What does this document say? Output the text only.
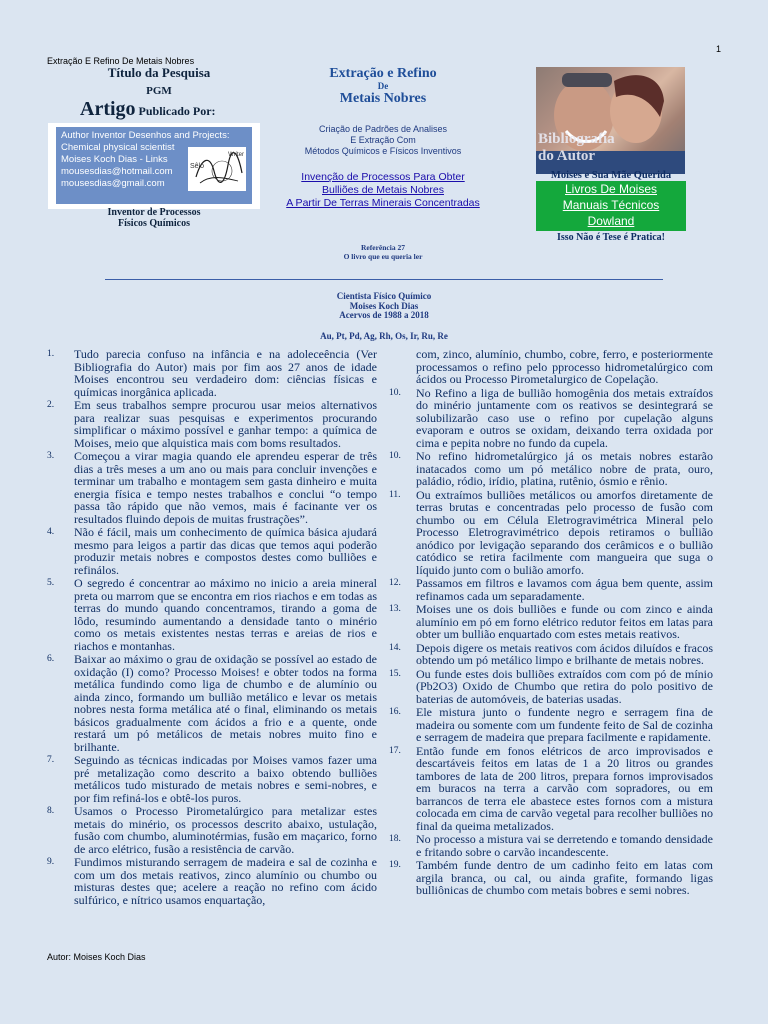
Extração E Refino De Metais Nobres
1
Título da Pesquisa
PGM
Artigo Publicado Por:
Author Inventor Desenhos and Projects:
Chemical physical scientist
Moises Koch Dias - Links
mousesdias@hotmail.com
mousesdias@gmail.com
Sêlo
Writer
Inventor de Processos
Físicos Químicos
Extração e Refino
De
Metais Nobres
Criação de Padrões de Analises
E Extração Com
Métodos Químicos e Físicos Inventivos
Invenção de Processos Para Obter
Bulliões de Metais Nobres
A Partir De Terras Minerais Concentradas
Referência 27
O livro que eu queria ler
Bibliografia
do Autor
Moises e Sua Mãe Querida
Livros De Moises
Manuais Técnicos
Dowland
Isso Não é Tese é Pratica!
Cientista Físico Químico
Moises Koch Dias
Acervos de 1988 a 2018
Au, Pt, Pd, Ag, Rh, Os, Ir, Ru, Re
1.	Tudo parecia confuso na infância e na adoleceência (Ver Bibliografia do Autor) mais por fim aos 27 anos de idade Moises encontrou seu verdadeiro dom: ciências físicas e químicas inorgânica aplicada.
2.	Em seus trabalhos sempre procurou usar meios alternativos para realizar suas pesquisas e experimentos procurando simplificar o máximo possível e ganhar tempo: a química de Moises, meio que alquistica mais com boms resultados.
3.	Começou a virar magia quando ele aprendeu esperar de três dias a três meses a um ano ou mais para concluir invenções e terminar um trabalho e montagem sem gasta dinheiro e muita energia física e tempo nestes trabalhos e conclui “o tempo passa tão rápido que não vemos, mais é facinante ver os resultados fluindo depois de muitas frustrações”.
4.	Não é fácil, mais um conhecimento de química básica ajudará mesmo para leigos a partir das dicas que temos aqui poderão produzir metais nobres e compostos destes como bulliões e refinálos.
5.	O segredo é concentrar ao máximo no inicio a areia mineral preta ou marrom que se encontra em rios riachos e em todas as terras do mundo quando concentramos, tirando a goma de lôdo, resumindo aumentando a densidade tanto o minério como os metais existentes nestas terras e areias de rios e riachos e montanhas.
6.	Baixar ao máximo o grau de oxidação se possível ao estado de oxidação (I) como? Processo Moises! e obter todos na forma metálica fundindo como liga de chumbo e de alumínio ou ainda zinco, formando um bullião metálico e levar os metais nobres nesta forma metálica até o final, eliminando os metais básicos gradualmente com ácidos a frio e a quente, onde restará um pó metálicos de metais nobres muito fino e brilhante.
7.	Seguindo as técnicas indicadas por Moises vamos fazer uma pré metalização como descrito a baixo obtendo bulliões metálicos tudo misturado de metais nobres e semi-nobres, e por fim refiná-los e obtê-los puros.
8.	Usamos o Processo Pirometalúrgico para metalizar estes metais do minério, os processos descrito abaixo, ustulação, fusão com chumbo, aluminotérmias, fusão em maçarico, forno de arco elétrico, fusão a resistência de carvão.
9.	Fundimos misturando serragem de madeira e sal de cozinha e com um dos metais reativos, zinco alumínio ou chumbo ou misturas destes que; acelere a reação no refino com ácido sulfúrico, e nítrico usamos enquartação,
com, zinco, alumínio, chumbo, cobre, ferro, e posteriormente processamos o refino pelo pprocesso hidrometalúrgico com ácidos ou Processo Pirometalurgico de Copelação.
10.	No Refino a liga de bullião homogênia dos metais extraídos do minério juntamente com os reativos se desintegrará se solubilizarão caso use o refino por cupelação alguns evaporam e outros se oxidam, deixando terra oxidada por cima e pepita nobre no fundo da cupela.
10.	No refino hidrometalúrgico já os metais nobres estarão inatacados como um pó metálico nobre de prata, ouro, paládio, ródio, irídio, platina, rutênio, ósmio e rênio.
11.	Ou extraímos bulliões metálicos ou amorfos diretamente de terras brutas e concentradas pelo processo de fusão com chumbo ou em Célula Eletrogravimétrica Mineral pelo Processo Eletrogravimétrico depois retiramos o bullião anódico por levigação separando dos cerâmicos e o bullião catódico se retira facilmente com mangueira que suga o líquido junto com o bulião amorfo.
12.	Passamos em filtros e lavamos com água bem quente, assim refinamos cada um separadamente.
13.	Moises une os dois bulliões e funde ou com zinco e ainda alumínio em pó em forno elétrico redutor feitos em latas para obter um bullião enquartado com estes metais reativos.
14.	Depois digere os metais reativos com ácidos diluídos e fracos obtendo um pó metálico limpo e brilhante de metais nobres.
15.	Ou funde estes dois bulliões extraídos com com pó de mínio (Pb2O3) Oxido de Chumbo que retira do polo positivo de baterias de automóveis, de baterias usadas.
16.	Ele mistura junto o fundente negro e serragem fina de madeira ou somente com um fundente feito de Sal de cozinha e serragem de madeira que prepara facilmente e rapidamente.
17.	Então funde em fonos elétricos de arco improvisados e descartáveis feitos em latas de 1 a 20 litros ou grandes tambores de lata de 200 litros, prepara fornos improvisados em buracos na terra a carvão com sopradores, ou em barrancos de terra ele abastece estes fornos com a mistura colocada em cima de carvão vegetal para recolher bulliões no final da queima metalizados.
18.	No processo a mistura vai se derretendo e tomando densidade e fritando sobre o carvão incandescente.
19.	Também funde dentro de um cadinho feito em latas com argila branca, ou cal, ou ainda grafite, formando ligas bulliônicas de chumbo com metais bobres e semi nobres.
Autor: Moises Koch Dias
